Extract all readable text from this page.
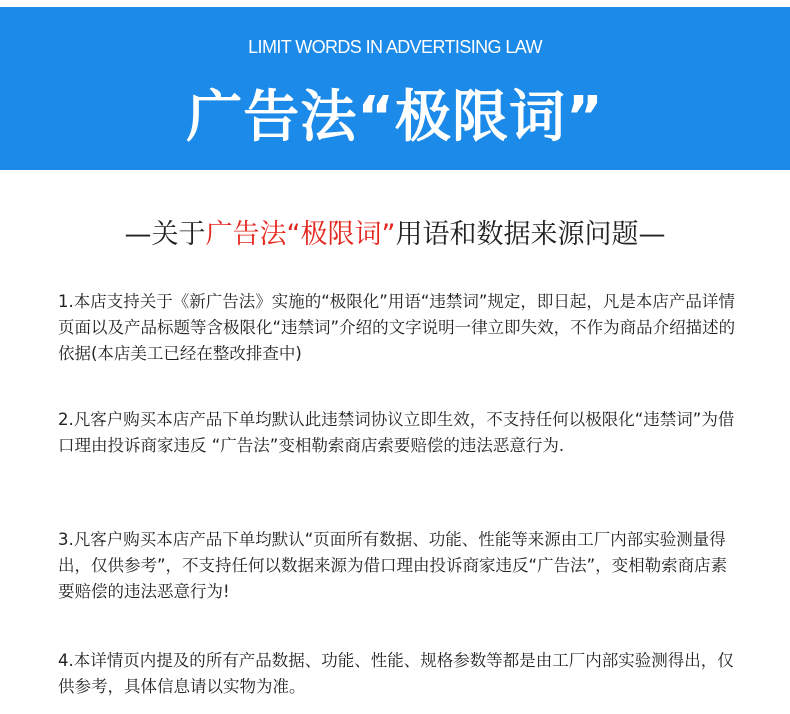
LIMIT WORDS IN ADVERTISING LAW
广告法“极限词”
—关于广告法“极限词”用语和数据来源问题—
1.本店支持关于《新广告法》实施的“极限化”用语“违禁词”规定，即日起，凡是本店产品详情页面以及产品标题等含极限化“违禁词”介绍的文字说明一律立即失效，不作为商品介绍描述的依据(本店美工已经在整改排查中)
2.凡客户购买本店产品下单均默认此违禁词协议立即生效，不支持任何以极限化“违禁词”为借口理由投诉商家违反 “广告法”变相勒索商店索要赔偿的违法恶意行为.
3.凡客户购买本店产品下单均默认“页面所有数据、功能、性能等来源由工厂内部实验测量得出，仅供参考”，不支持任何以数据来源为借口理由投诉商家违反“广告法”，变相勒索商店素要赔偿的违法恶意行为!
4.本详情页内提及的所有产品数据、功能、性能、规格参数等都是由工厂内部实验测得出，仅供参考，具体信息请以实物为准。
